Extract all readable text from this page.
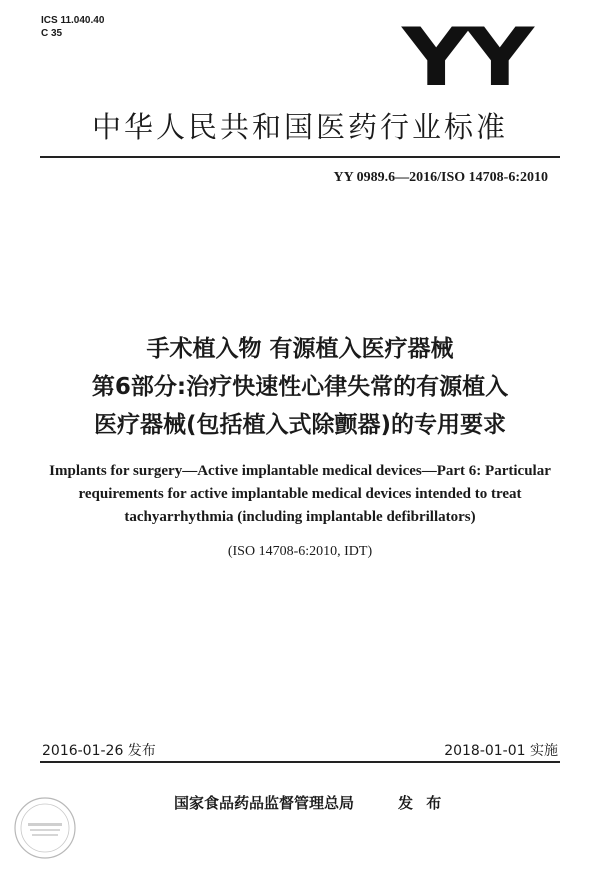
ICS 11.040.40
C 35	YY
中华人民共和国医药行业标准
YY 0989.6—2016/ISO 14708-6:2010
手术植入物 有源植入医疗器械
第6部分:治疗快速性心律失常的有源植入
医疗器械(包括植入式除颤器)的专用要求
Implants for surgery—Active implantable medical devices—Part 6: Particular
requirements for active implantable medical devices intended to treat
tachyarrhythmia (including implantable defibrillators)
(ISO 14708-6:2010, IDT)
2016-01-26 发布	2018-01-01 实施
国家食品药品监督管理总局	发 布
